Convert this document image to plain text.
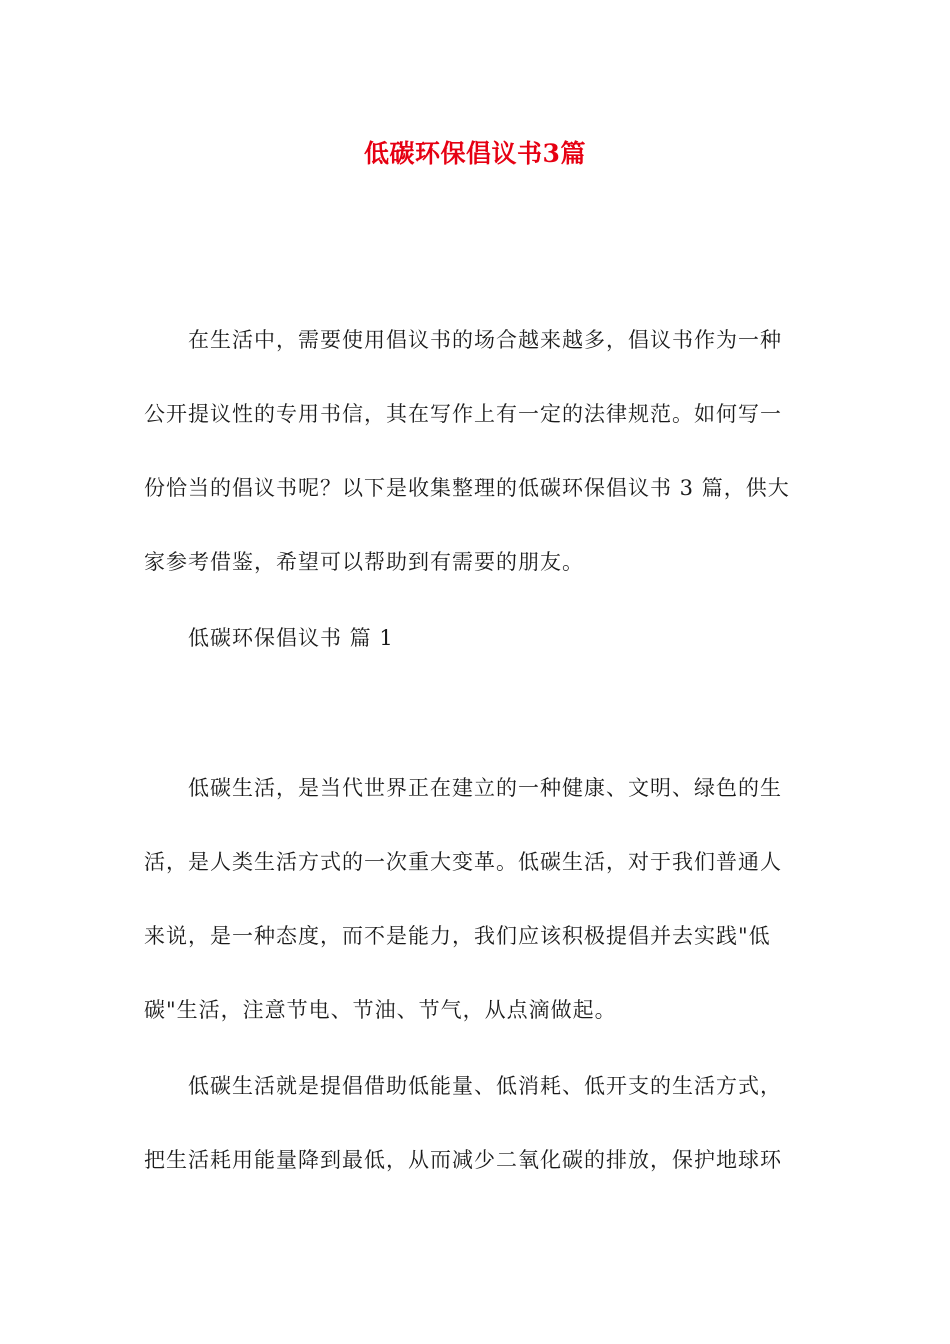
低碳环保倡议书3篇
在生活中，需要使用倡议书的场合越来越多，倡议书作为一种
公开提议性的专用书信，其在写作上有一定的法律规范。如何写一
份恰当的倡议书呢？以下是收集整理的低碳环保倡议书 3 篇，供大
家参考借鉴，希望可以帮助到有需要的朋友。
低碳环保倡议书 篇 1
低碳生活，是当代世界正在建立的一种健康、文明、绿色的生
活，是人类生活方式的一次重大变革。低碳生活，对于我们普通人
来说，是一种态度，而不是能力，我们应该积极提倡并去实践"低
碳"生活，注意节电、节油、节气，从点滴做起。
低碳生活就是提倡借助低能量、低消耗、低开支的生活方式，
把生活耗用能量降到最低，从而减少二氧化碳的排放，保护地球环
